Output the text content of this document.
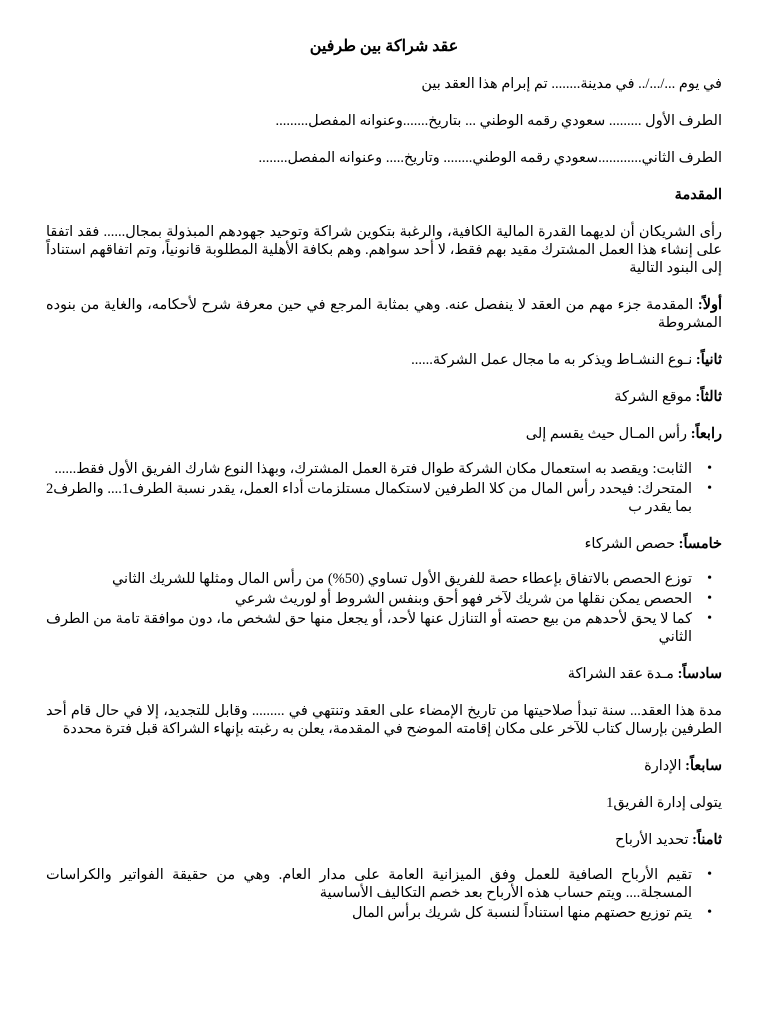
عقد شراكة بين طرفين

في يوم .../.../.. في مدينة........ تم إبرام هذا العقد بين

الطرف الأول ......... سعودي رقمه الوطني ... بتاريخ.......وعنوانه المفصل.........

الطرف الثاني............سعودي رقمه الوطني........ وتاريخ..... وعنوانه المفصل........

المقدمة

رأى الشريكان أن لديهما القدرة المالية الكافية، والرغبة بتكوين شراكة وتوحيد جهودهم المبذولة بمجال...... فقد اتفقا على إنشاء هذا العمل المشترك مقيد بهم فقط، لا أحد سواهم. وهم بكافة الأهلية المطلوبة قانونياً، وتم اتفاقهم استناداً إلى البنود التالية

أولاً: المقدمة جزء مهم من العقد لا ينفصل عنه. وهي بمثابة المرجع في حين معرفة شرح لأحكامه، والغاية من بنوده المشروطة

ثانياً: نـوع النشـاط ويذكر به ما مجال عمل الشركة......

ثالثاً: موقع الشركة

رابعاً: رأس المـال حيث يقسم إلى

• الثابت: ويقصد به استعمال مكان الشركة طوال فترة العمل المشترك، وبهذا النوع شارك الفريق الأول فقط......
• المتحرك: فيحدد رأس المال من كلا الطرفين لاستكمال مستلزمات أداء العمل، يقدر نسبة الطرف1.... والطرف2 بما يقدر ب

خامساً: حصص الشركاء

• توزع الحصص بالاتفاق بإعطاء حصة للفريق الأول تساوي (50%) من رأس المال ومثلها للشريك الثاني
• الحصص يمكن نقلها من شريك لآخر فهو أحق وبنفس الشروط أو لوريث شرعي
• كما لا يحق لأحدهم من بيع حصته أو التنازل عنها لأحد، أو يجعل منها حق لشخص ما، دون موافقة تامة من الطرف الثاني

سادساً: مـدة عقد الشراكة

مدة هذا العقد... سنة تبدأ صلاحيتها من تاريخ الإمضاء على العقد وتنتهي في ......... وقابل للتجديد، إلا في حال قام أحد الطرفين بإرسال كتاب للآخر على مكان إقامته الموضح في المقدمة، يعلن به رغبته بإنهاء الشراكة قبل فترة محددة

سابعاً: الإدارة

يتولى إدارة الفريق1

ثامناً: تحديد الأرباح

• تقيم الأرباح الصافية للعمل وفق الميزانية العامة على مدار العام. وهي من حقيقة الفواتير والكراسات المسجلة.... ويتم حساب هذه الأرباح بعد خصم التكاليف الأساسية
• يتم توزيع حصتهم منها استناداً لنسبة كل شريك برأس المال
